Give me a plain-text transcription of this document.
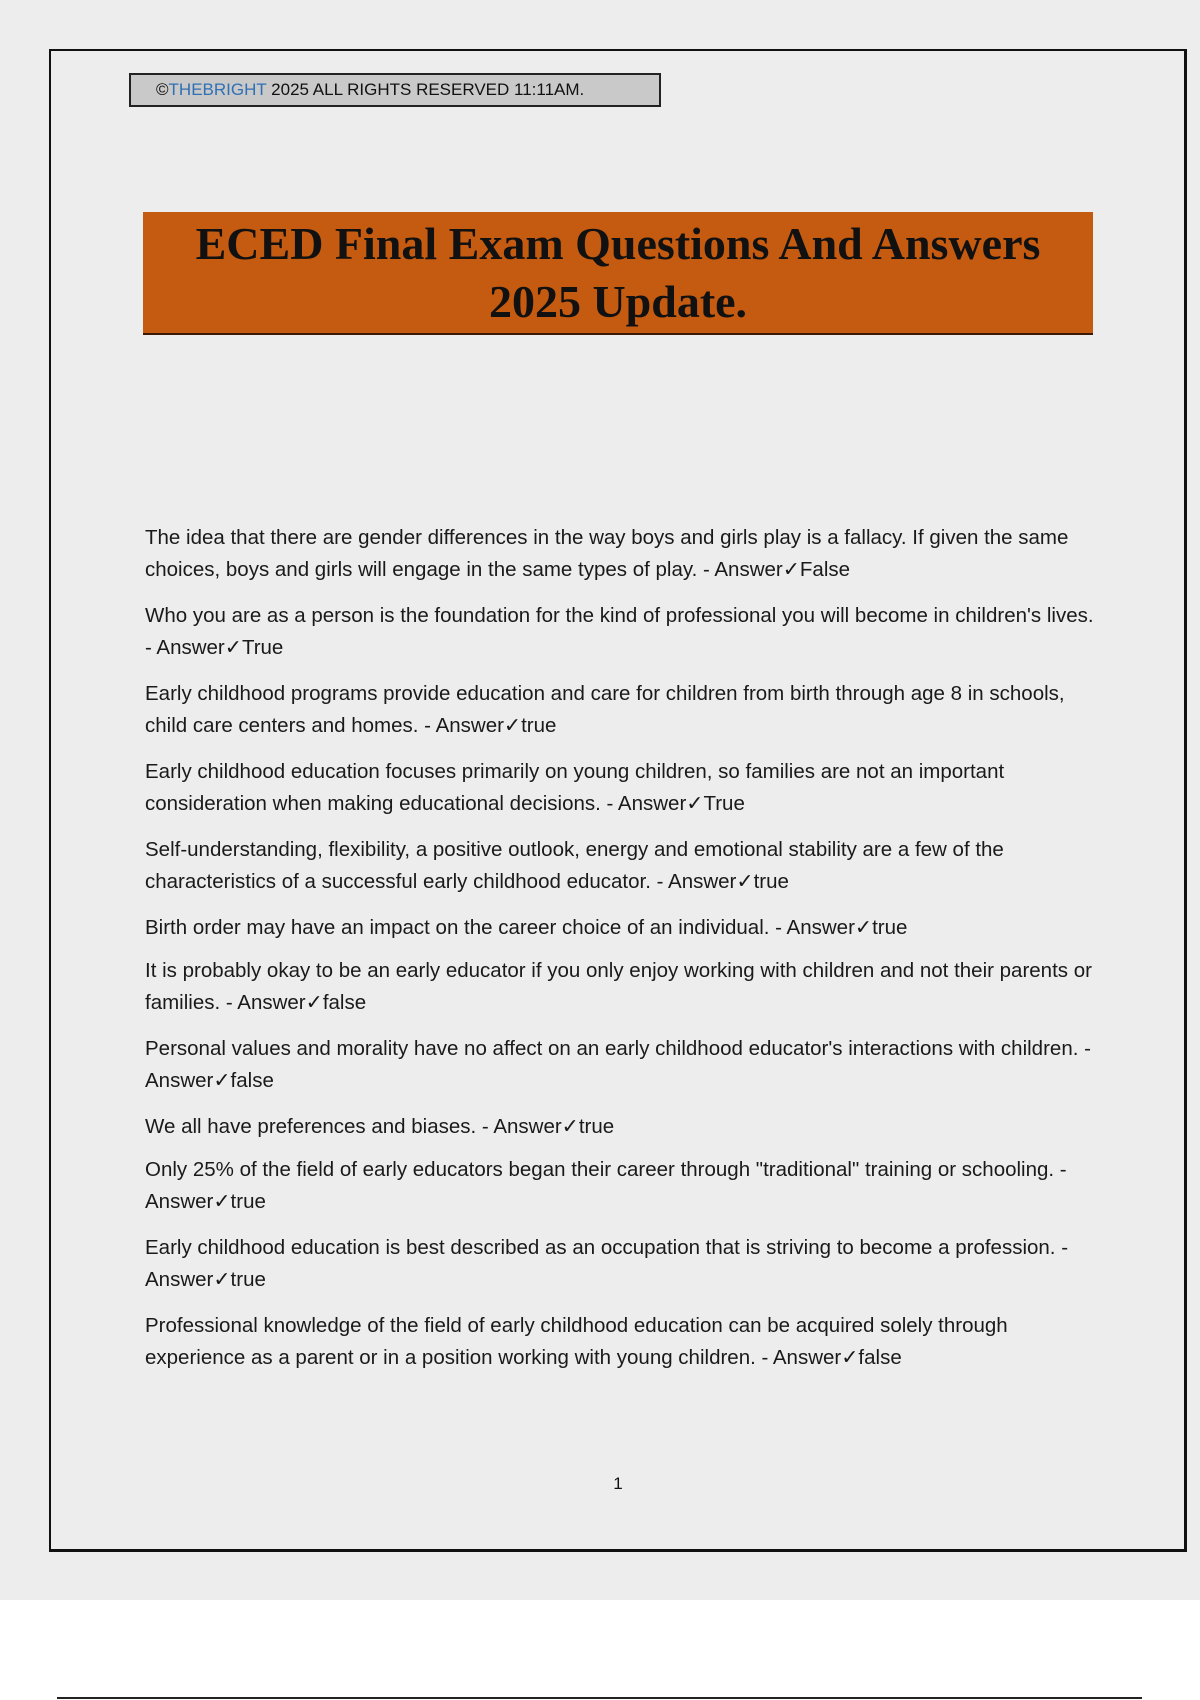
©THEBRIGHT 2025 ALL RIGHTS RESERVED 11:11AM.
ECED Final Exam Questions And Answers
2025 Update.
The idea that there are gender differences in the way boys and girls play is a fallacy. If given the same choices, boys and girls will engage in the same types of play. - Answer✓False
Who you are as a person is the foundation for the kind of professional you will become in children's lives. - Answer✓True
Early childhood programs provide education and care for children from birth through age 8 in schools, child care centers and homes. - Answer✓true
Early childhood education focuses primarily on young children, so families are not an important consideration when making educational decisions. - Answer✓True
Self-understanding, flexibility, a positive outlook, energy and emotional stability are a few of the characteristics of a successful early childhood educator. - Answer✓true
Birth order may have an impact on the career choice of an individual. - Answer✓true
It is probably okay to be an early educator if you only enjoy working with children and not their parents or families. - Answer✓false
Personal values and morality have no affect on an early childhood educator's interactions with children. - Answer✓false
We all have preferences and biases. - Answer✓true
Only 25% of the field of early educators began their career through "traditional" training or schooling. - Answer✓true
Early childhood education is best described as an occupation that is striving to become a profession. - Answer✓true
Professional knowledge of the field of early childhood education can be acquired solely through experience as a parent or in a position working with young children. - Answer✓false
1
